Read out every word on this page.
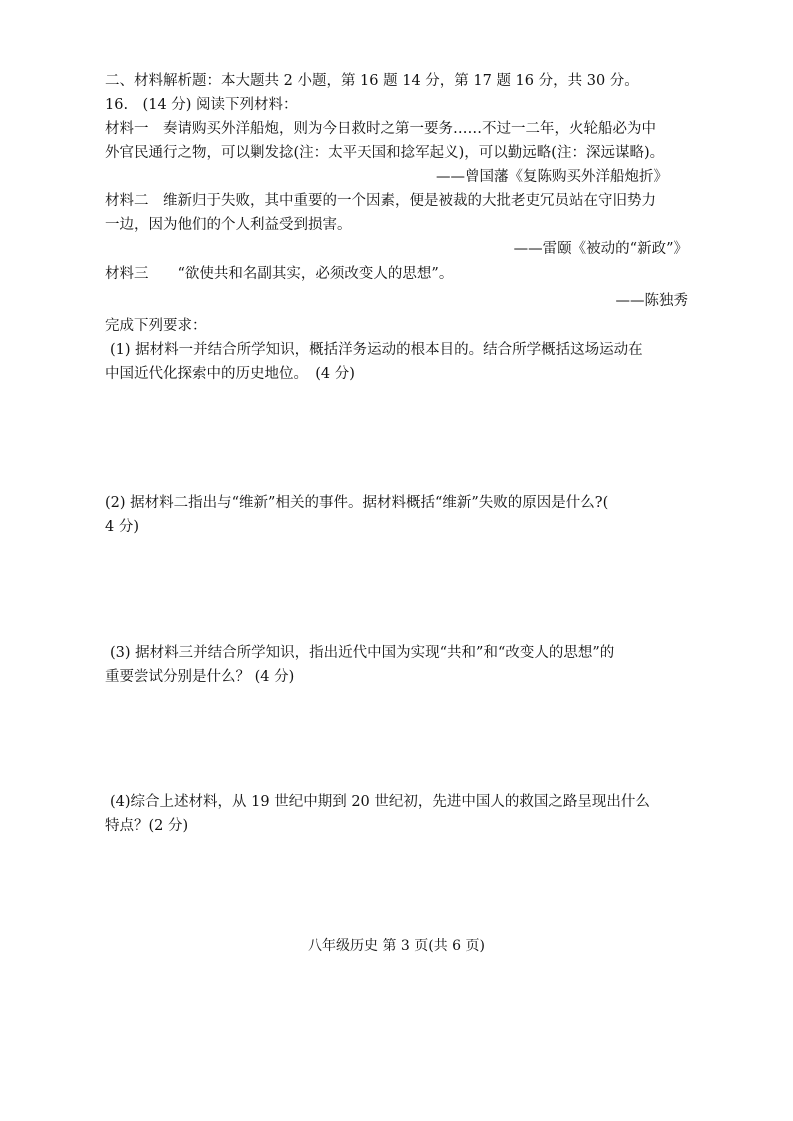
二、材料解析题：本大题共 2 小题，第 16 题 14 分，第 17 题 16 分，共 30 分。
16.　(14 分) 阅读下列材料：
材料一　奏请购买外洋船炮，则为今日救时之第一要务……不过一二年，火轮船必为中
外官民通行之物，可以剿发捻(注：太平天国和捻军起义)，可以勤远略(注：深远谋略)。
——曾国藩《复陈购买外洋船炮折》
材料二　维新归于失败，其中重要的一个因素，便是被裁的大批老吏冗员站在守旧势力
一边，因为他们的个人利益受到损害。
——雷颐《被动的“新政”》
材料三　　“欲使共和名副其实，必须改变人的思想”。
——陈独秀
完成下列要求：
(1) 据材料一并结合所学知识，概括洋务运动的根本目的。结合所学概括这场运动在
中国近代化探索中的历史地位。　(4 分)
(2) 据材料二指出与“维新”相关的事件。据材料概括“维新”失败的原因是什么?(
4 分)
(3) 据材料三并结合所学知识，指出近代中国为实现“共和”和“改变人的思想”的
重要尝试分别是什么？ (4 分)
(4)综合上述材料，从 19 世纪中期到 20 世纪初，先进中国人的救国之路呈现出什么
特点？(2 分)
八年级历史 第 3 页(共 6 页)
